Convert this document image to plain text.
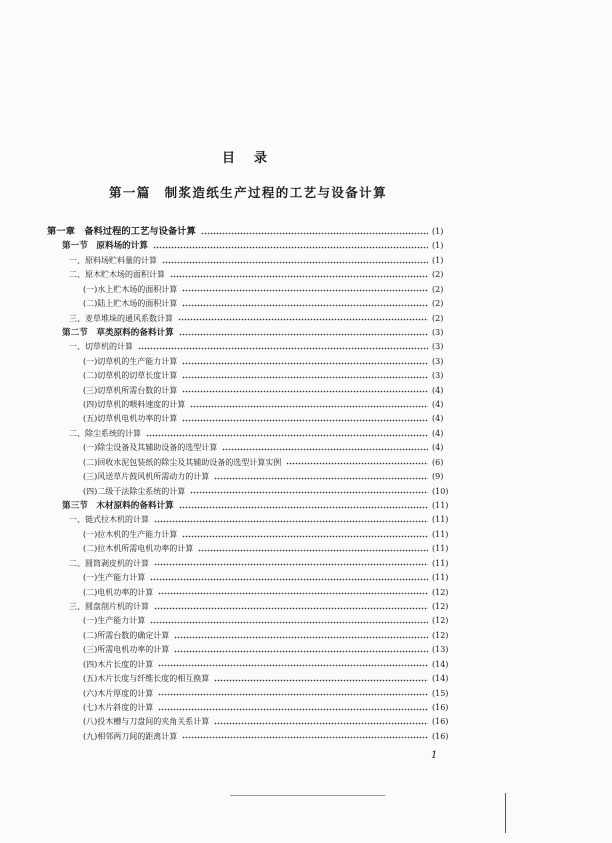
目　录
第一篇　制浆造纸生产过程的工艺与设备计算
第一章　备料过程的工艺与设备计算	(1)
第一节　原料场的计算	(1)
一、原料场贮料量的计算	(1)
二、原木贮木场的面积计算	(2)
(一)水上贮木场的面积计算	(2)
(二)陆上贮木场的面积计算	(2)
三、麦草堆垛的通风系数计算	(2)
第二节　草类原料的备料计算	(3)
一、切草机的计算	(3)
(一)切草机的生产能力计算	(3)
(二)切草机的切草长度计算	(3)
(三)切草机所需台数的计算	(4)
(四)切草机的喂料速度的计算	(4)
(五)切草机电机功率的计算	(4)
二、除尘系统的计算	(4)
(一)除尘设备及其辅助设备的选型计算	(4)
(二)回收水泥包装纸的除尘及其辅助设备的选型计算实例	(6)
(三)风送草片鼓风机所需动力的计算	(9)
(四)二级干法除尘系统的计算	(10)
第三节　木材原料的备料计算	(11)
一、链式拉木机的计算	(11)
(一)拉木机的生产能力计算	(11)
(二)拉木机所需电机功率的计算	(11)
二、圆筒剥皮机的计算	(11)
(一)生产能力计算	(11)
(二)电机功率的计算	(12)
三、圆盘削片机的计算	(12)
(一)生产能力计算	(12)
(二)所需台数的确定计算	(12)
(三)所需电机功率的计算	(13)
(四)木片长度的计算	(14)
(五)木片长度与纤维长度的相互换算	(14)
(六)木片厚度的计算	(15)
(七)木片斜度的计算	(16)
(八)投木槽与刀盘间的夹角关系计算	(16)
(九)相邻两刀间的距离计算	(16)
1
